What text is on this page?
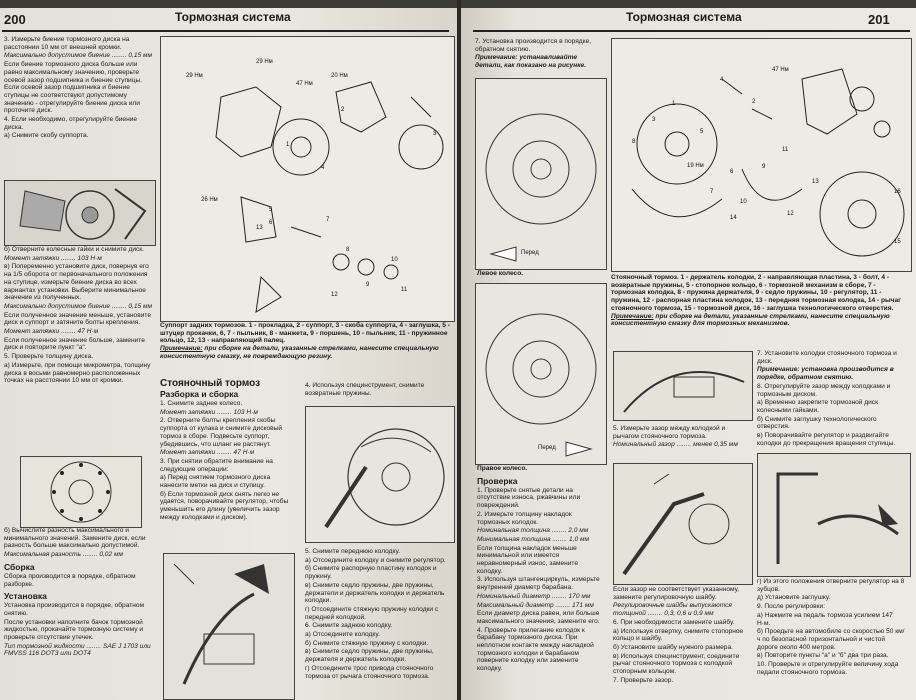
200	Тормозная система

3. Измерьте биение тормозного диска на расстоянии 10 мм от внешней кромки.

Максимально допустимое биение ........ 0,15 мм

Если биение тормозного диска больше или равно максимальному значению, проверьте осевой зазор подшипника и биение ступицы. Если осевой зазор подшипника и биение ступицы не соответствуют допустимому значению - отрегулируйте биение диска или проточите диск.

4. Если необходимо, отрегулируйте биение диска.

а) Снимите скобу суппорта.

б) Отверните колесные гайки и снимите диск.

Момент затяжки ........ 103 Н·м

в) Попеременно установите диск, повернув его на 1/5 оборота от первоначального положения на ступице, измерьте биение диска во всех вариантах установки. Выберите минимальное значение из полученных.

Максимально допустимое биение ........ 0,15 мм

Если полученное значение меньше, установите диск и суппорт и затяните болты крепления.

Момент затяжки ........ 47 Н·м

Если полученное значение больше, замените диск и повторите пункт "а".

5. Проверьте толщину диска.

а) Измерьте, при помощи микрометра, толщину диска в восьми равномерно расположенных точках на расстоянии 10 мм от кромки.

б) Вычислите разность максимального и минимального значений. Замените диск, если разность больше максимально допустимой.

Максимальная разность ........ 0,02 мм

Сборка

Сборка производится в порядке, обратном разборке.

Установка

Установка производится в порядке, обратном снятию.

После установки наполните бачок тормозной жидкостью, прокачайте тормозную систему и проверьте отсутствие утечек.

Тип тормозной жидкости ........ SAE J 1703 или FMVSS 116 DOT3 или DOT4

29 Нм
29 Нм
20 Нм
47 Нм
26 Нм
1
2
3
4
5
6	7
8
9
10
11
12
13
Суппорт задних тормозов. 1 - прокладка, 2 - суппорт, 3 - скоба суппорта, 4 - заглушка, 5 - штуцер прокачки, 6, 7 - пыльник, 8 - манжета, 9 - поршень, 10 - пыльник, 11 - пружинное кольцо, 12, 13 - направляющий палец.
Примечание: при сборке на детали, указанные стрелками, нанесите специальную консистентную смазку, не повреждающую резину.
Стояночный тормоз
Разборка и сборка

1. Снимите заднее колесо.

Момент затяжки ........ 103 Н·м

2. Отверните болты крепления скобы суппорта от кулака и снимите дисковый тормоз в сборе. Подвесьте суппорт, убедившись, что шланг не растянут.

Момент затяжки ........ 47 Н·м

3. При снятии обратите внимание на следующие операции:

а) Перед снятием тормозного диска нанесите метки на диск и ступицу.

б) Если тормозной диск снять легко не удается, поворачивайте регулятор, чтобы уменьшить его длину (увеличить зазор между колодками и диском).

4. Используя специнструмент, снимите возвратные пружины.

5. Снимите переднюю колодку.

а) Отсоедините колодку и снимите регулятор.

б) Снимите распорную пластину колодок и пружину.

в) Снимите седло пружины, две пружины, держатели и держатель колодки и держатель колодки.

г) Отсоедините стяжную пружину колодки с передней колодкой.

6. Снимите заднюю колодку.

а) Отсоедините колодку.

б) Снимите стяжную пружину с колодки.

в) Снимите седло пружины, две пружины, держателя и держатель колодки.

г) Отсоедините трос привода стояночного тормоза от рычага стояночного тормоза.

Тормозная система	201

7. Установка производится в порядке, обратном снятию.

Примечание: устанавливайте детали, как показано на рисунке.

Перед

Левое колесо.

Перед

Правое колесо.

Проверка

1. Проверьте снятые детали на отсутствие износа, ржавчины или повреждений.

2. Измерьте толщину накладок тормозных колодок.

Номинальная толщина ........ 2,0 мм

Минимальная толщина ........ 1,0 мм

Если толщина накладок меньше минимальной или имеется неравномерный износ, замените колодку.

3. Используя штангенциркуль, измерьте внутренний диаметр барабана.

Номинальный диаметр ........ 170 мм

Максимальный диаметр ........ 171 мм

Если диаметр диска равен, или больше максимального значения, замените его.

4. Проверьте прилегание колодок к барабану тормозного диска. При неплотном контакте между накладкой тормозного колодки и барабаном поверните колодку или замените колодку.

47 Нм
19 Нм
1	2
3
4
5
6
7
8
9
10
11
12
13
14
15
16
Стояночный тормоз. 1 - держатель колодки, 2 - направляющая пластина, 3 - болт, 4 - возвратные пружины, 5 - стопорное кольцо, 6 - тормозной механизм в сборе, 7 - тормозная колодка, 8 - пружина держателя, 9 - седло пружины, 10 - регулятор, 11 - пружина, 12 - распорная пластина колодок, 13 - передняя тормозная колодка, 14 - рычаг стояночного тормоза, 15 - тормозной диск, 16 - заглушка технологического отверстия.
Примечание: при сборке на детали, указанные стрелками, нанесите специальную консистентную смазку для тормозных механизмов.

5. Измерьте зазор между колодкой и рычагом стояночного тормоза.

Номинальный зазор ........ менее 0,35 мм

Если зазор не соответствует указанному, замените регулировочную шайбу.

Регулировочные шайбы выпускаются толщиной ........ 0,3, 0,6 и 0,9 мм

6. При необходимости замените шайбу.

а) Используя отвертку, снимите стопорное кольцо и шайбу.

б) Установите шайбу нужного размера.

в) Используя специнструмент, соедините рычаг стояночного тормоза с колодкой стопорным кольцом.

7. Проверьте зазор.

7. Установите колодки стояночного тормоза и диск.

Примечание: установка производится в порядке, обратном снятию.

8. Отрегулируйте зазор между колодками и тормозным диском.

а) Временно закрепите тормозной диск колесными гайками.

б) Снимите заглушку технологического отверстия.

в) Поворачивайте регулятор и раздвигайте колодки до прекращения вращения ступицы.

г) Из этого положения отверните регулятор на 8 зубцов.

д) Установите заглушку.

9. После регулировки:

а) Нажмите на педаль тормоза усилием 147 Н·м.

б) Проедьте на автомобиле со скоростью 50 км/ч по безопасной горизонтальной и чистой дороге около 400 метров.

в) Повторите пункты "а" и "б" два три раза.

10. Проверьте и отрегулируйте величину хода педали стояночного тормоза.
